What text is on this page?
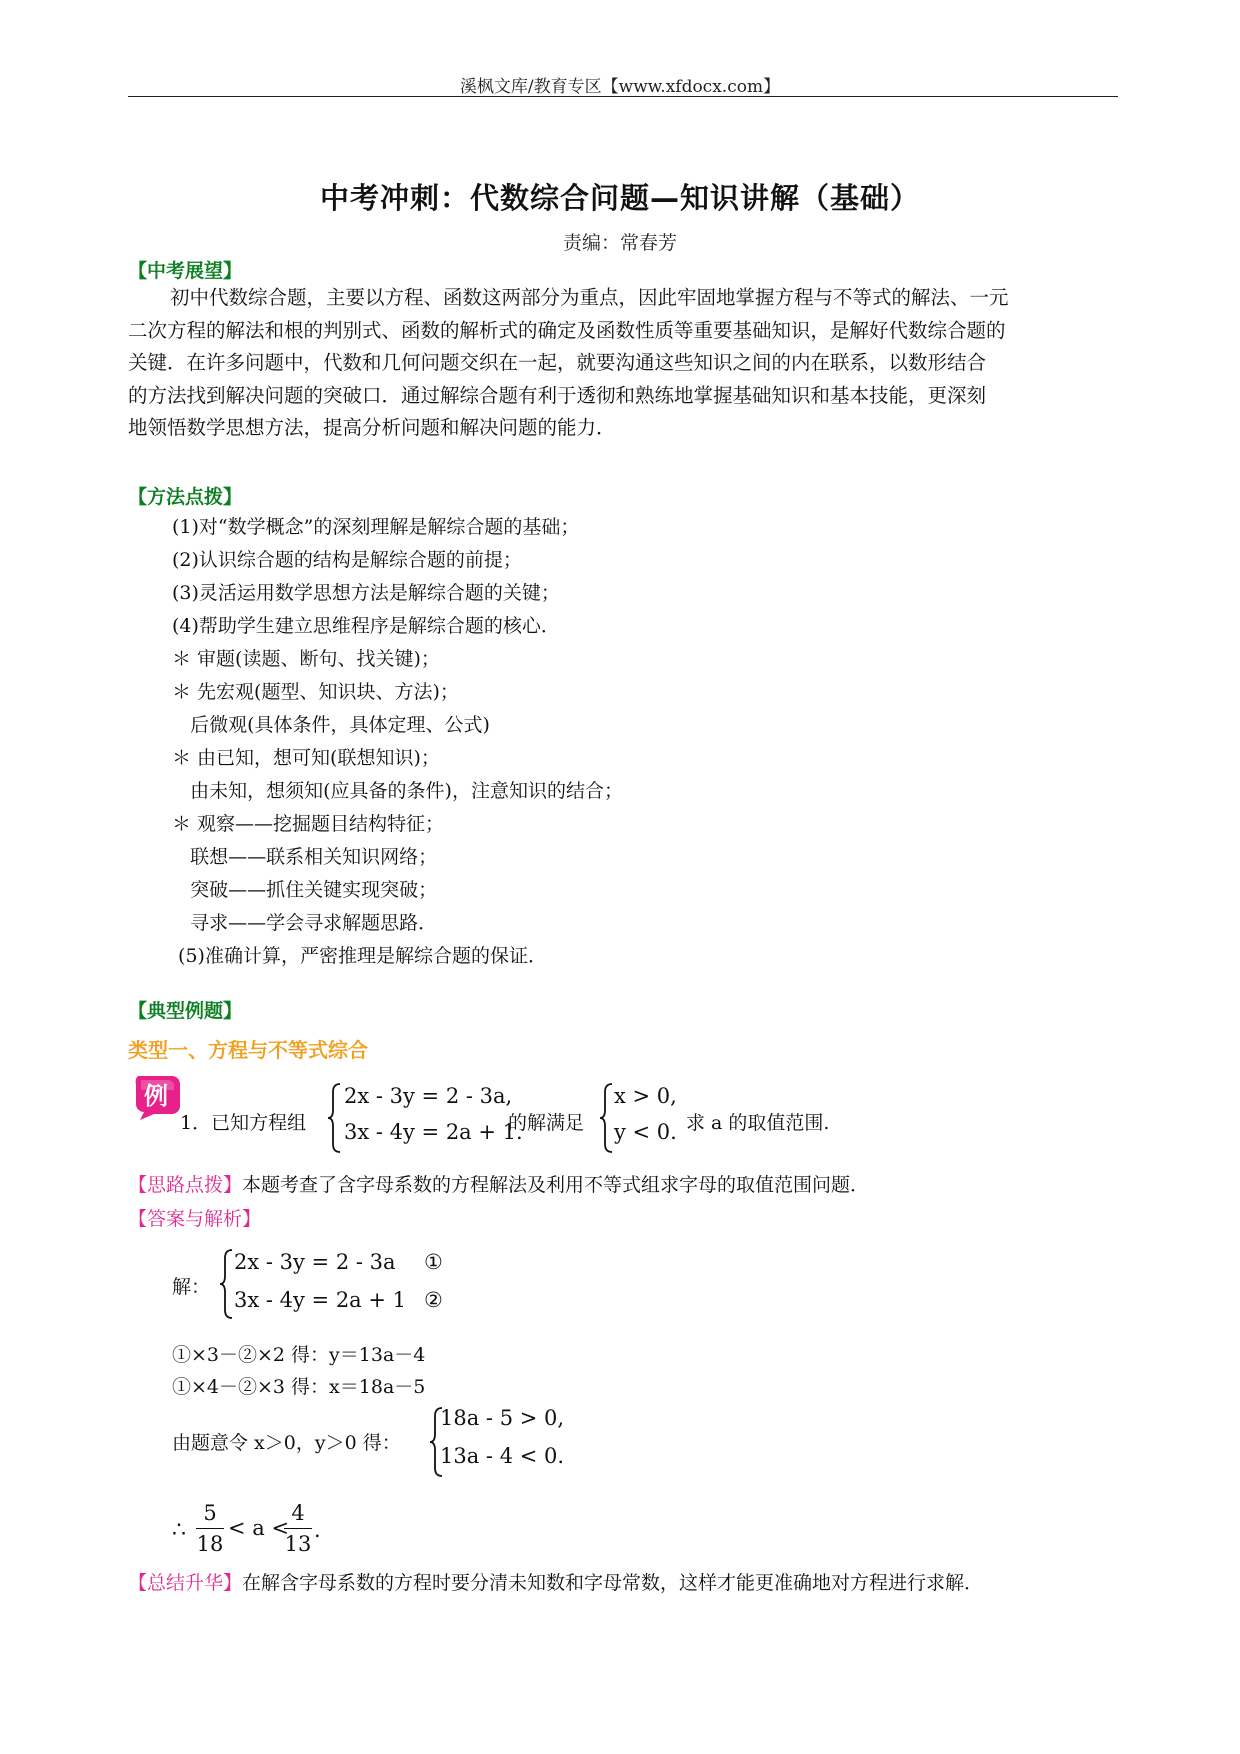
溪枫文库/教育专区【www.xfdocx.com】
中考冲刺：代数综合问题—知识讲解（基础）
责编：常春芳
【中考展望】
初中代数综合题，主要以方程、函数这两部分为重点，因此牢固地掌握方程与不等式的解法、一元
二次方程的解法和根的判别式、函数的解析式的确定及函数性质等重要基础知识，是解好代数综合题的
关键．在许多问题中，代数和几何问题交织在一起，就要沟通这些知识之间的内在联系，以数形结合
的方法找到解决问题的突破口．通过解综合题有利于透彻和熟练地掌握基础知识和基本技能，更深刻
地领悟数学思想方法，提高分析问题和解决问题的能力．
【方法点拨】
(1)对“数学概念”的深刻理解是解综合题的基础；
(2)认识综合题的结构是解综合题的前提；
(3)灵活运用数学思想方法是解综合题的关键；
(4)帮助学生建立思维程序是解综合题的核心．
＊ 审题(读题、断句、找关键)；
＊ 先宏观(题型、知识块、方法)；
后微观(具体条件，具体定理、公式)
＊ 由已知，想可知(联想知识)；
由未知，想须知(应具备的条件)，注意知识的结合；
＊ 观察——挖掘题目结构特征；
联想——联系相关知识网络；
突破——抓住关键实现突破；
寻求——学会寻求解题思路．
(5)准确计算，严密推理是解综合题的保证．
【典型例题】
类型一、方程与不等式综合
例
1．已知方程组
2x - 3y = 2 - 3a,
3x - 4y = 2a + 1.
的解满足
x > 0,
y < 0. 求 a 的取值范围.
【思路点拨】本题考查了含字母系数的方程解法及利用不等式组求字母的取值范围问题．
【答案与解析】
解：
2x - 3y = 2 - 3a ①
3x - 4y = 2a + 1 ②
①×3－②×2 得：y＝13a－4
①×4－②×3 得：x＝18a－5
由题意令 x＞0，y＞0 得：
18a - 5 > 0,
13a - 4 < 0.
∴
5
18
< a <
4
13
.
【总结升华】在解含字母系数的方程时要分清未知数和字母常数，这样才能更准确地对方程进行求解．
